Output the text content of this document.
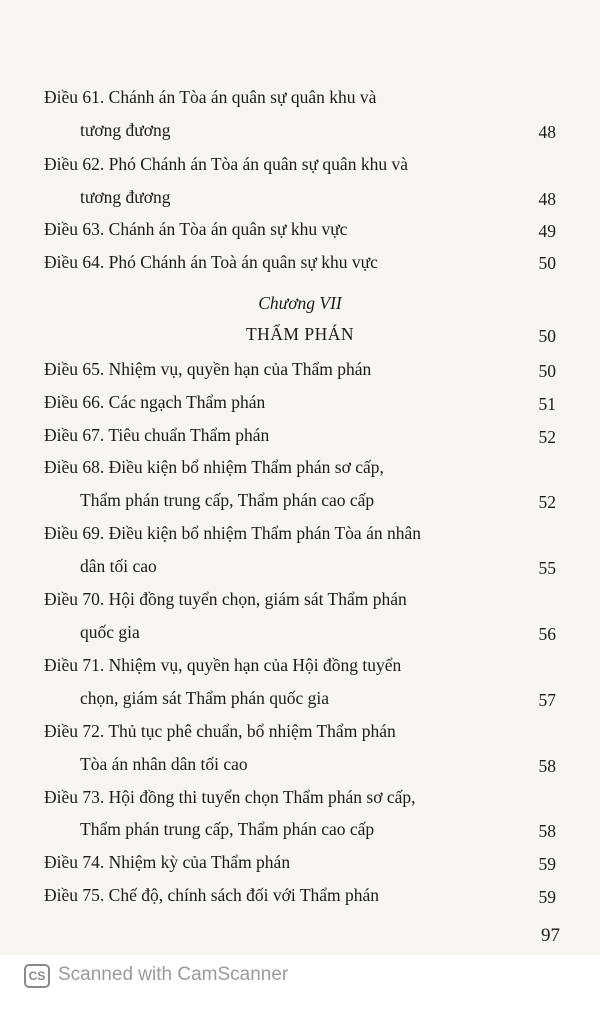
Điều 61. Chánh án Tòa án quân sự quân khu và
tương đương	48
Điều 62. Phó Chánh án Tòa án quân sự quân khu và
tương đương	48
Điều 63. Chánh án Tòa án quân sự khu vực	49
Điều 64. Phó Chánh án Toà án quân sự khu vực	50
Chương VII
THẨM PHÁN	50
Điều 65. Nhiệm vụ, quyền hạn của Thẩm phán	50
Điều 66. Các ngạch Thẩm phán	51
Điều 67. Tiêu chuẩn Thẩm phán	52
Điều 68. Điều kiện bổ nhiệm Thẩm phán sơ cấp,
Thẩm phán trung cấp, Thẩm phán cao cấp	52
Điều 69. Điều kiện bổ nhiệm Thẩm phán Tòa án nhân
dân tối cao	55
Điều 70. Hội đồng tuyển chọn, giám sát Thẩm phán
quốc gia	56
Điều 71. Nhiệm vụ, quyền hạn của Hội đồng tuyển
chọn, giám sát Thẩm phán quốc gia	57
Điều 72. Thủ tục phê chuẩn, bổ nhiệm Thẩm phán
Tòa án nhân dân tối cao	58
Điều 73. Hội đồng thi tuyển chọn Thẩm phán sơ cấp,
Thẩm phán trung cấp, Thẩm phán cao cấp	58
Điều 74. Nhiệm kỳ của Thẩm phán	59
Điều 75. Chế độ, chính sách đối với Thẩm phán	59
97
CS Scanned with CamScanner
